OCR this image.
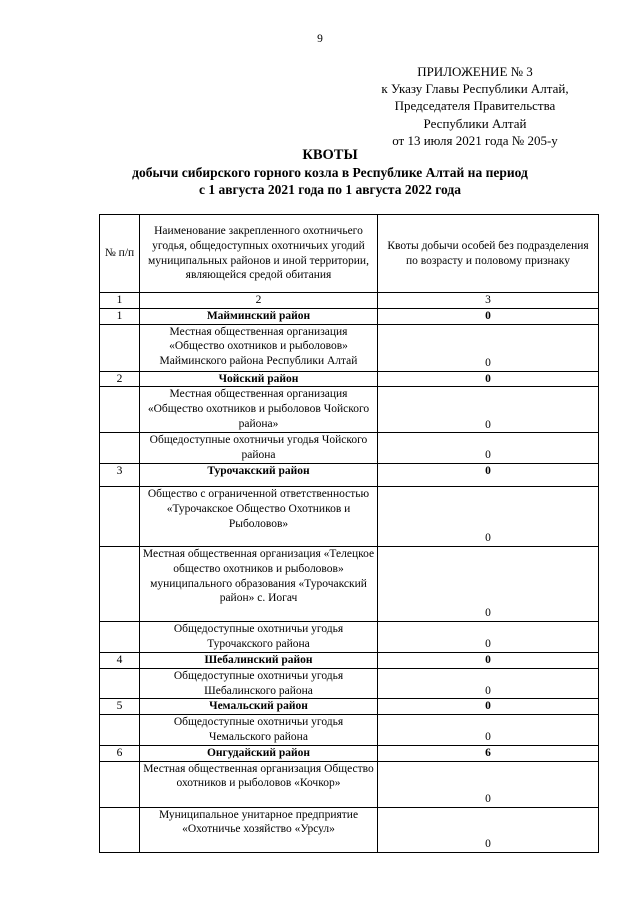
9
ПРИЛОЖЕНИЕ № 3
к Указу Главы Республики Алтай,
Председателя Правительства
Республики Алтай
от 13 июля 2021 года № 205-у
КВОТЫ
добычи сибирского горного козла в Республике Алтай на период
с 1 августа 2021 года по 1 августа 2022 года
№ п/п	Наименование закрепленного охотничьего угодья, общедоступных охотничьих угодий муниципальных районов и иной территории, являющейся средой обитания	Квоты добычи особей без подразделения
по возрасту и половому признаку

1	2	3
1	Майминский район	0
	Местная общественная организация «Общество охотников и рыболовов» Майминского района Республики Алтай	0
2	Чойский район	0
	Местная общественная организация «Общество охотников и рыболовов Чойского района»	0
	Общедоступные охотничьи угодья Чойского района	0
3	Турочакский район	0
	Общество с ограниченной ответственностью «Турочакское Общество Охотников и Рыболовов»	0
	Местная общественная организация «Телецкое общество охотников и рыболовов» муниципального образования «Турочакский район» с. Иогач	0
	Общедоступные охотничьи угодья Турочакского района	0
4	Шебалинский район	0
	Общедоступные охотничьи угодья Шебалинского района	0
5	Чемальский район	0
	Общедоступные охотничьи угодья Чемальского района	0
6	Онгудайский район	6
	Местная общественная организация Общество охотников и рыболовов «Кочкор»	0
	Муниципальное унитарное предприятие «Охотничье хозяйство «Урсул»	0
